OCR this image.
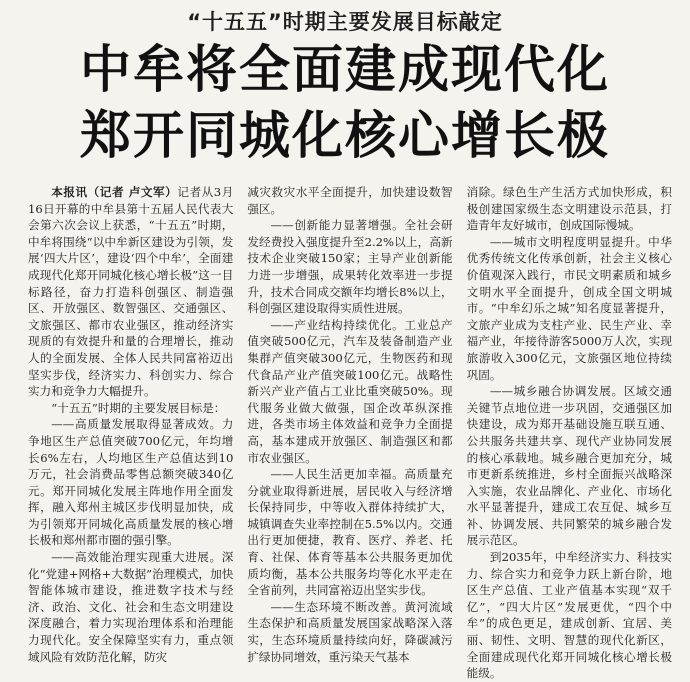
“十五五”时期主要发展目标敲定
中牟将全面建成现代化
郑开同城化核心增长极

本报讯（记者 卢文军）记者从3月16日开幕的中牟县第十五届人民代表大会第六次会议上获悉，“十五五”时期，中牟将围绕“以中牟新区建设为引领，发展‘四大片区’，建设‘四个中牟’，全面建成现代化郑开同城化核心增长极”这一目标路径，奋力打造科创强区、制造强区、开放强区、数智强区、交通强区、文旅强区、都市农业强区，推动经济实现质的有效提升和量的合理增长，推动人的全面发展、全体人民共同富裕迈出坚实步伐，经济实力、科创实力、综合实力和竞争力大幅提升。

“十五五”时期的主要发展目标是：

——高质量发展取得显著成效。力争地区生产总值突破700亿元，年均增长6%左右，人均地区生产总值达到10万元，社会消费品零售总额突破340亿元。郑开同城化发展主阵地作用全面发挥，融入郑州主城区步伐明显加快，成为引领郑开同城化高质量发展的核心增长极和郑州都市圈的强引擎。

——高效能治理实现重大进展。深化“党建+网格+大数据”治理模式，加快智能体城市建设，推进数字技术与经济、政治、文化、社会和生态文明建设深度融合，着力实现治理体系和治理能力现代化。安全保障坚实有力，重点领域风险有效防范化解，防灾

减灾救灾水平全面提升，加快建设数智强区。

——创新能力显著增强。全社会研发经费投入强度提升至2.2%以上，高新技术企业突破150家；主导产业创新能力进一步增强，成果转化效率进一步提升，技术合同成交额年均增长8%以上，科创强区建设取得实质性进展。

——产业结构持续优化。工业总产值突破500亿元，汽车及装备制造产业集群产值突破300亿元，生物医药和现代食品产业产值突破100亿元。战略性新兴产业产值占工业比重突破50%。现代服务业做大做强，国企改革纵深推进，各类市场主体效益和竞争力全面提高，基本建成开放强区、制造强区和都市农业强区。

——人民生活更加幸福。高质量充分就业取得新进展，居民收入与经济增长保持同步，中等收入群体持续扩大，城镇调查失业率控制在5.5%以内。交通出行更加便捷，教育、医疗、养老、托育、社保、体育等基本公共服务更加优质均衡，基本公共服务均等化水平走在全省前列，共同富裕迈出坚实步伐。

——生态环境不断改善。黄河流域生态保护和高质量发展国家战略深入落实，生态环境质量持续向好，降碳减污扩绿协同增效，重污染天气基本

消除。绿色生产生活方式加快形成，积极创建国家级生态文明建设示范县，打造青年友好城市，创成国际慢城。

——城市文明程度明显提升。中华优秀传统文化传承创新，社会主义核心价值观深入践行，市民文明素质和城乡文明水平全面提升，创成全国文明城市。“中牟幻乐之城”知名度显著提升，文旅产业成为支柱产业、民生产业、幸福产业，年接待游客5000万人次，实现旅游收入300亿元，文旅强区地位持续巩固。

——城乡融合协调发展。区域交通关键节点地位进一步巩固，交通强区加快建设，成为郑开基础设施互联互通、公共服务共建共享、现代产业协同发展的核心承载地。城乡融合更加充分，城市更新系统推进，乡村全面振兴战略深入实施，农业品牌化、产业化、市场化水平显著提升，建成工农互促、城乡互补、协调发展、共同繁荣的城乡融合发展示范区。

到2035年，中牟经济实力、科技实力、综合实力和竞争力跃上新台阶，地区生产总值、工业产值基本实现“双千亿”，“四大片区”发展更优，“四个中牟”的成色更足，建成创新、宜居、美丽、韧性、文明、智慧的现代化新区，全面建成现代化郑开同城化核心增长极能级。
